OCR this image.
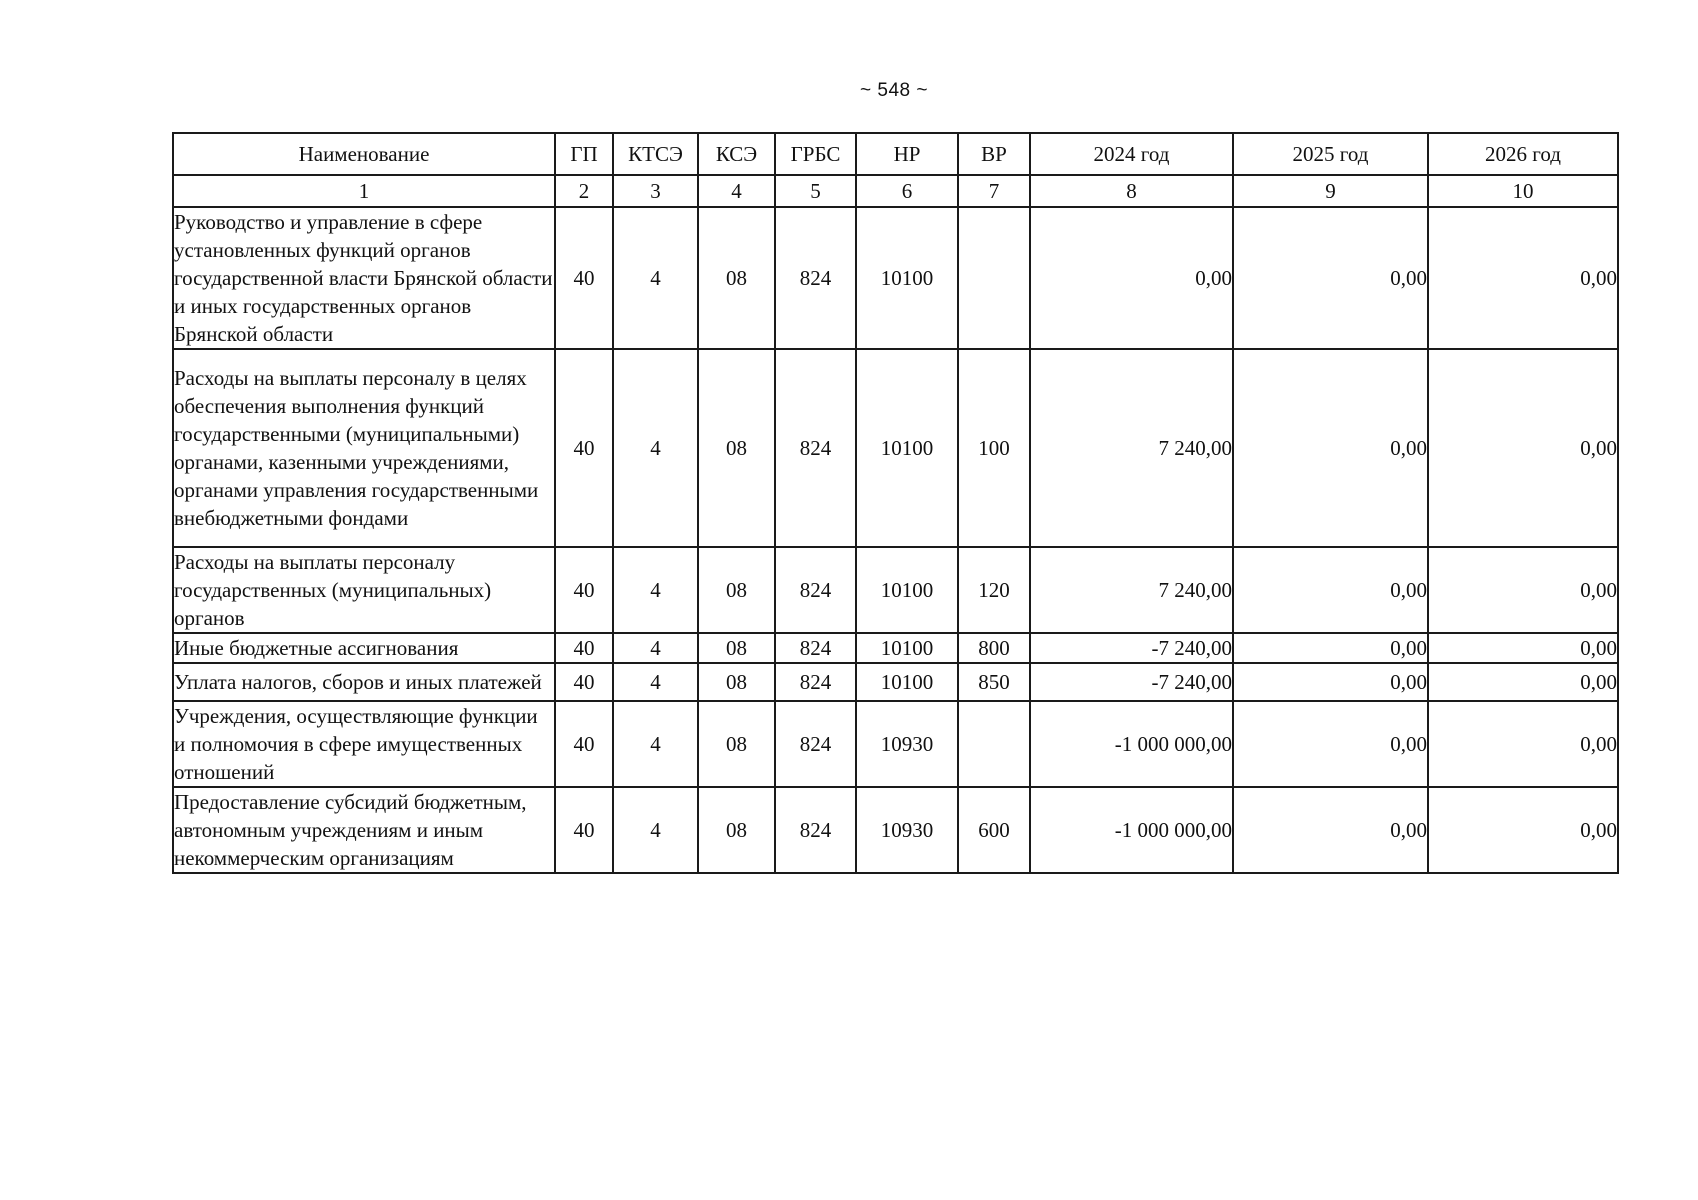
~ 548 ~
Наименование	ГП	КТСЭ	КСЭ	ГРБС	НР	ВР	2024 год	2025 год	2026 год
1	2	3	4	5	6	7	8	9	10
Руководство и управление в сфере установленных функций органов государственной власти Брянской области и иных государственных органов Брянской области	40	4	08	824	10100		0,00	0,00	0,00
Расходы на выплаты персоналу в целях обеспечения выполнения функций государственными (муниципальными) органами, казенными учреждениями, органами управления государственными внебюджетными фондами	40	4	08	824	10100	100	7 240,00	0,00	0,00
Расходы на выплаты персоналу государственных (муниципальных) органов	40	4	08	824	10100	120	7 240,00	0,00	0,00
Иные бюджетные ассигнования	40	4	08	824	10100	800	-7 240,00	0,00	0,00
Уплата налогов, сборов и иных платежей	40	4	08	824	10100	850	-7 240,00	0,00	0,00
Учреждения, осуществляющие функции и полномочия в сфере имущественных отношений	40	4	08	824	10930		-1 000 000,00	0,00	0,00
Предоставление субсидий бюджетным, автономным учреждениям и иным некоммерческим организациям	40	4	08	824	10930	600	-1 000 000,00	0,00	0,00
